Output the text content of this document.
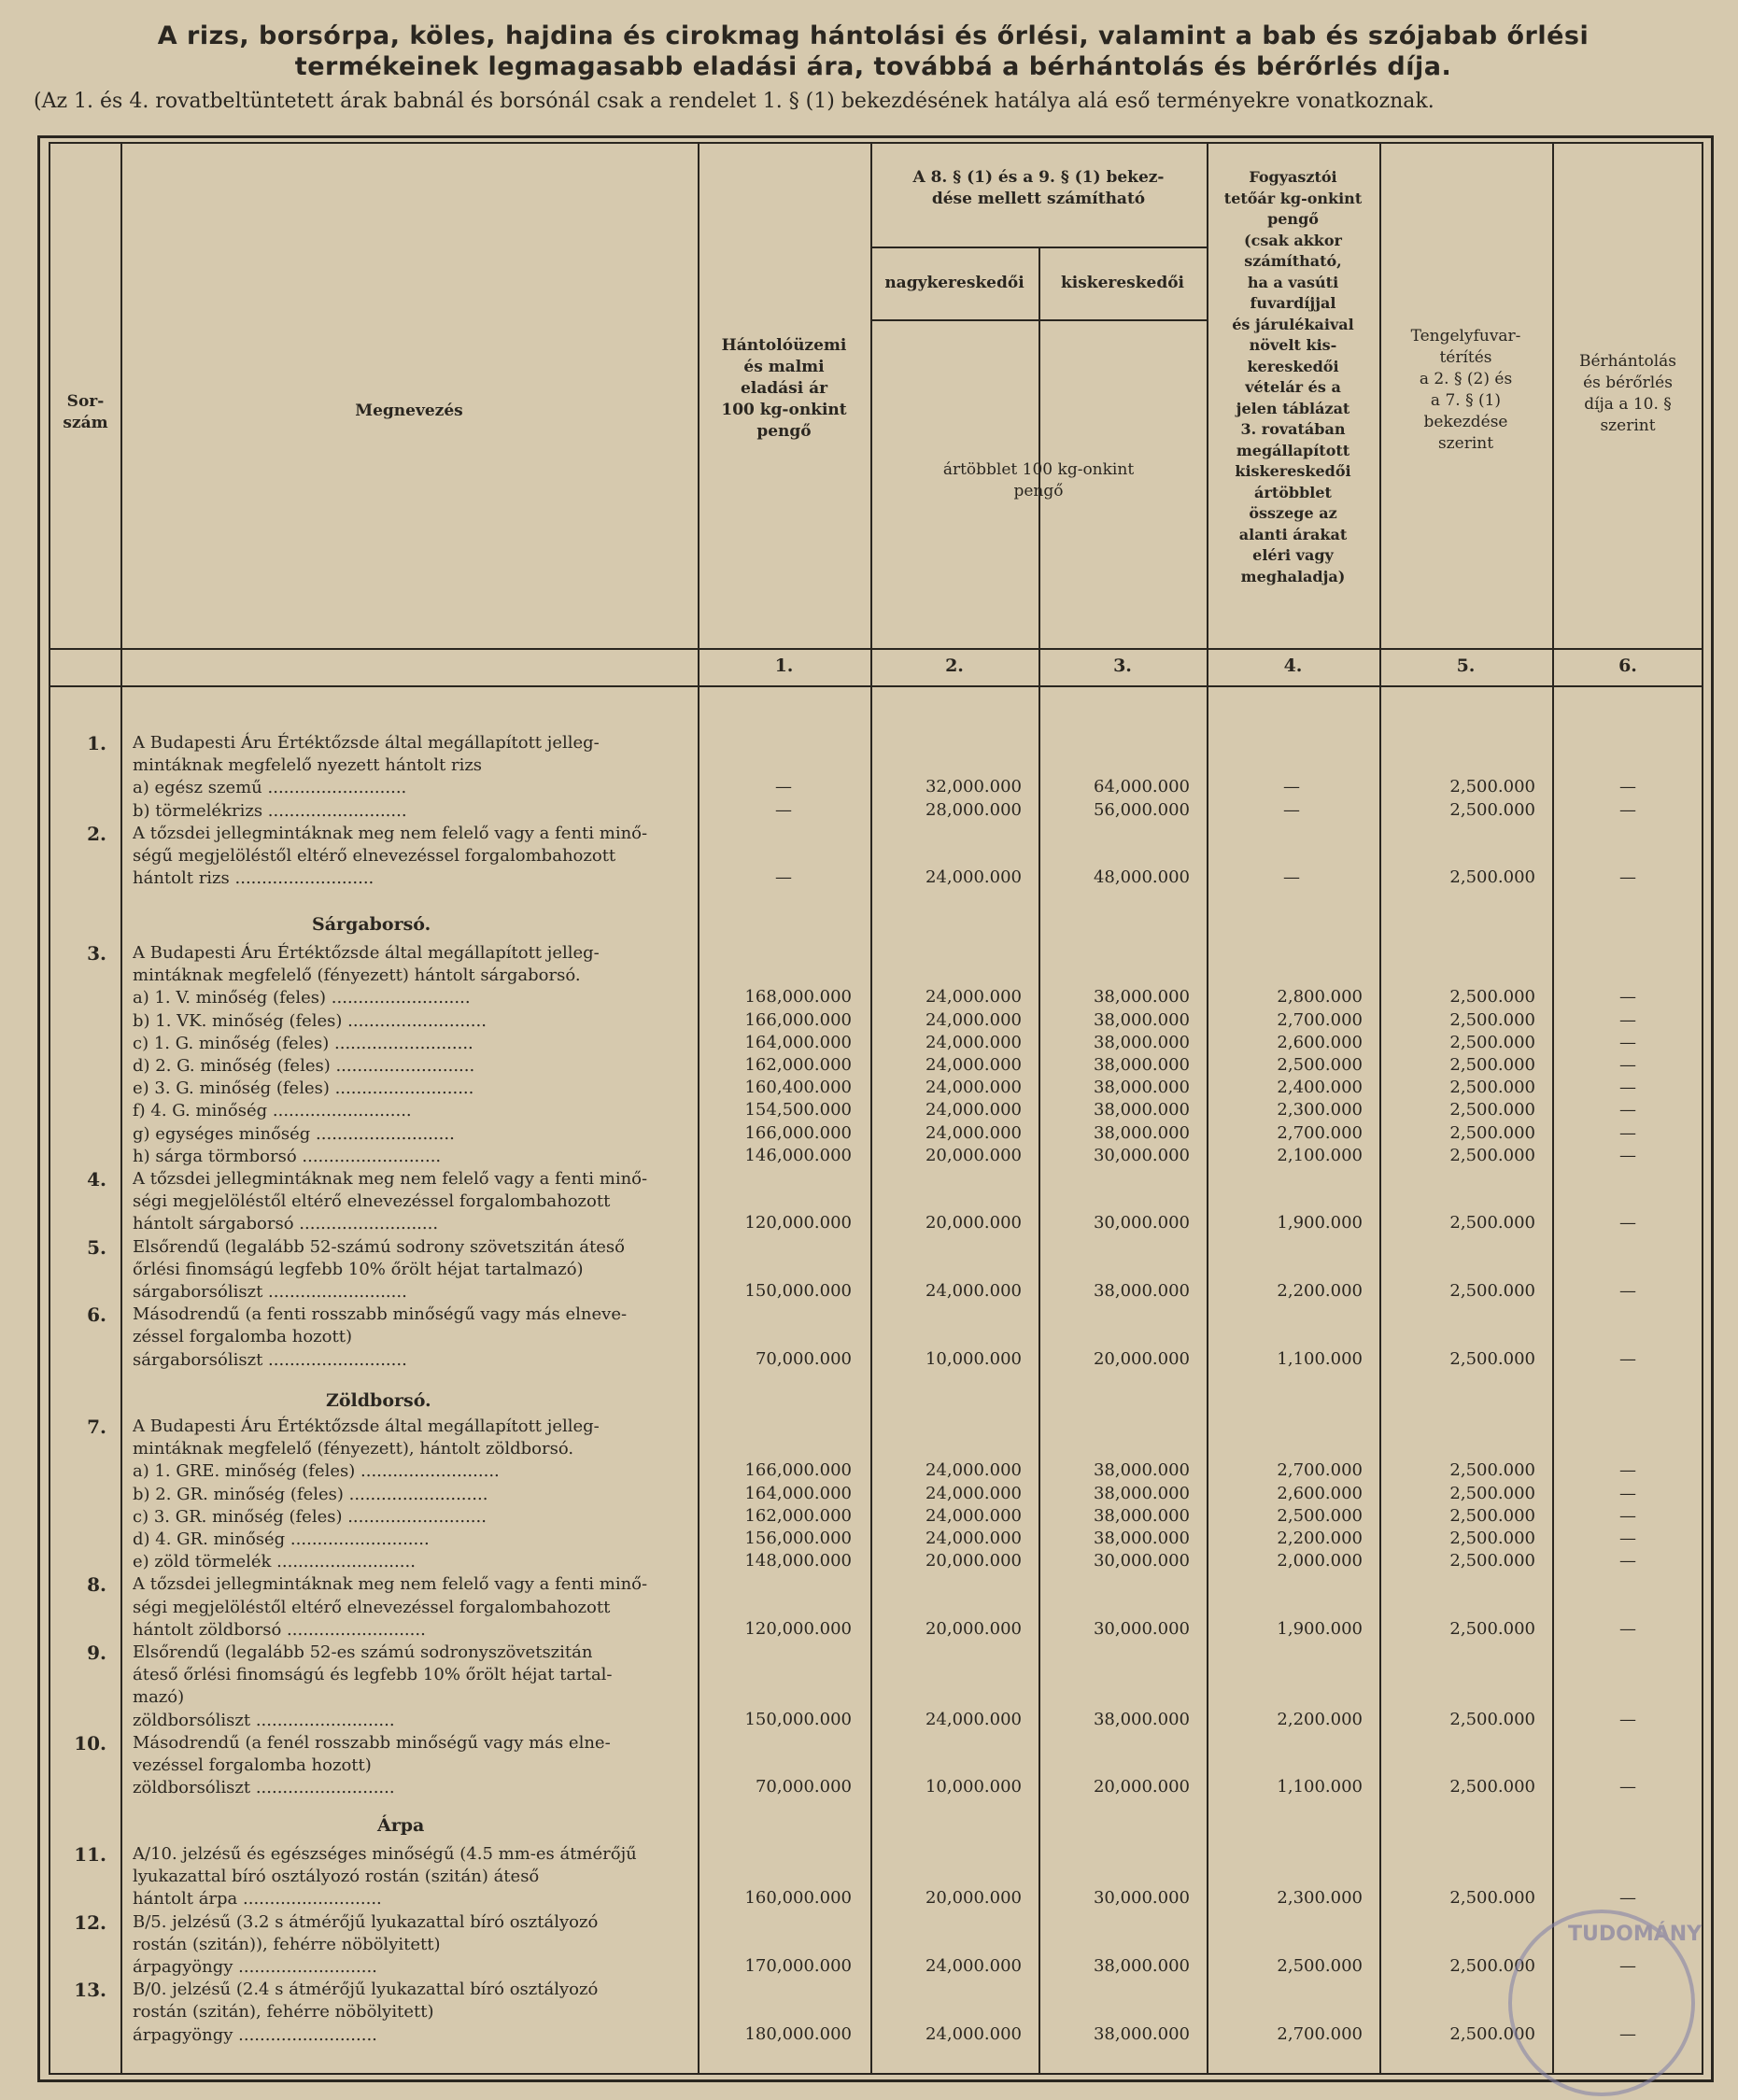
A rizs, borsórpa, köles, hajdina és cirokmag hántolási és őrlési, valamint a bab és szójabab őrlési
termékeinek legmagasabb eladási ára, továbbá a bérhántolás és bérőrlés díja.
(Az 1. és 4. rovatbeltüntetett árak babnál és borsónál csak a rendelet 1. § (1) bekezdésének hatálya alá eső terményekre vonatkoznak.
Sor-
szám
Megnevezés
Hántolóüzemi
és malmi
eladási ár
100 kg-onkint
pengő
A 8. § (1) és a 9. § (1) bekez-
dése mellett számítható
nagykereskedői	kiskereskedői
ártöbblet 100 kg-onkint
pengő
Fogyasztói
tetőár kg-onkint
pengő
(csak akkor
számítható,
ha a vasúti
fuvardíjjal
és járulékaival
növelt kis-
kereskedői
vételár és a
jelen táblázat
3. rovatában
megállapított
kiskereskedői
ártöbblet
összege az
alanti árakat
eléri vagy
meghaladja)
Tengelyfuvar-
térítés
a 2. § (2) és
a 7. § (1)
bekezdése
szerint
Bérhántolás
és bérőrlés
díja a 10. §
szerint
1.	2.	3.	4.	5.	6.
Sárgaborsó.
Zöldborsó.
Árpa
1. A Budapesti Áru Értéktőzsde által megállapított jelleg-
mintáknak megfelelő nyezett hántolt rizs
a) egész szemű ..........................	—	32,000.000	64,000.000	—	2,500.000	—
b) törmelékrizs ..........................	—	28,000.000	56,000.000	—	2,500.000	—
2. A tőzsdei jellegmintáknak meg nem felelő vagy a fenti minő-
ségű megjelöléstől eltérő elnevezéssel forgalombahozott
hántolt rizs ..........................	—	24,000.000	48,000.000	—	2,500.000	—
3. A Budapesti Áru Értéktőzsde által megállapított jelleg-
mintáknak megfelelő (fényezett) hántolt sárgaborsó.
a) 1. V. minőség (feles) ..........................	168,000.000	24,000.000	38,000.000	2,800.000	2,500.000	—
b) 1. VK. minőség (feles) ..........................	166,000.000	24,000.000	38,000.000	2,700.000	2,500.000	—
c) 1. G. minőség (feles) ..........................	164,000.000	24,000.000	38,000.000	2,600.000	2,500.000	—
d) 2. G. minőség (feles) ..........................	162,000.000	24,000.000	38,000.000	2,500.000	2,500.000	—
e) 3. G. minőség (feles) ..........................	160,400.000	24,000.000	38,000.000	2,400.000	2,500.000	—
f) 4. G. minőség ..........................	154,500.000	24,000.000	38,000.000	2,300.000	2,500.000	—
g) egységes minőség ..........................	166,000.000	24,000.000	38,000.000	2,700.000	2,500.000	—
h) sárga törmborsó ..........................	146,000.000	20,000.000	30,000.000	2,100.000	2,500.000	—
4. A tőzsdei jellegmintáknak meg nem felelő vagy a fenti minő-
ségi megjelöléstől eltérő elnevezéssel forgalombahozott
hántolt sárgaborsó ..........................	120,000.000	20,000.000	30,000.000	1,900.000	2,500.000	—
5. Elsőrendű (legalább 52-számú sodrony szövetszitán áteső
őrlési finomságú legfebb 10% őrölt héjat tartalmazó)
sárgaborsóliszt ..........................	150,000.000	24,000.000	38,000.000	2,200.000	2,500.000	—
6. Másodrendű (a fenti rosszabb minőségű vagy más elneve-
zéssel forgalomba hozott)
sárgaborsóliszt ..........................	70,000.000	10,000.000	20,000.000	1,100.000	2,500.000	—
7. A Budapesti Áru Értéktőzsde által megállapított jelleg-
mintáknak megfelelő (fényezett), hántolt zöldborsó.
a) 1. GRE. minőség (feles) ..........................	166,000.000	24,000.000	38,000.000	2,700.000	2,500.000	—
b) 2. GR. minőség (feles) ..........................	164,000.000	24,000.000	38,000.000	2,600.000	2,500.000	—
c) 3. GR. minőség (feles) ..........................	162,000.000	24,000.000	38,000.000	2,500.000	2,500.000	—
d) 4. GR. minőség ..........................	156,000.000	24,000.000	38,000.000	2,200.000	2,500.000	—
e) zöld törmelék ..........................	148,000.000	20,000.000	30,000.000	2,000.000	2,500.000	—
8. A tőzsdei jellegmintáknak meg nem felelő vagy a fenti minő-
ségi megjelöléstől eltérő elnevezéssel forgalombahozott
hántolt zöldborsó ..........................	120,000.000	20,000.000	30,000.000	1,900.000	2,500.000	—
9. Elsőrendű (legalább 52-es számú sodronyszövetszitán
áteső őrlési finomságú és legfebb 10% őrölt héjat tartal-
mazó)
zöldborsóliszt ..........................	150,000.000	24,000.000	38,000.000	2,200.000	2,500.000	—
10. Másodrendű (a fenél rosszabb minőségű vagy más elne-
vezéssel forgalomba hozott)
zöldborsóliszt ..........................	70,000.000	10,000.000	20,000.000	1,100.000	2,500.000	—
11. A/10. jelzésű és egészséges minőségű (4.5 mm-es átmérőjű
lyukazattal bíró osztályozó rostán (szitán) áteső
hántolt árpa ..........................	160,000.000	20,000.000	30,000.000	2,300.000	2,500.000	—
12. B/5. jelzésű (3.2 s átmérőjű lyukazattal bíró osztályozó
rostán (szitán)), fehérre nöbölyitett)
árpagyöngy ..........................	170,000.000	24,000.000	38,000.000	2,500.000	2,500.000	—
13. B/0. jelzésű (2.4 s átmérőjű lyukazattal bíró osztályozó
rostán (szitán), fehérre nöbölyitett)
árpagyöngy ..........................	180,000.000	24,000.000	38,000.000	2,700.000	2,500.000	—
TUDOMÁNY
